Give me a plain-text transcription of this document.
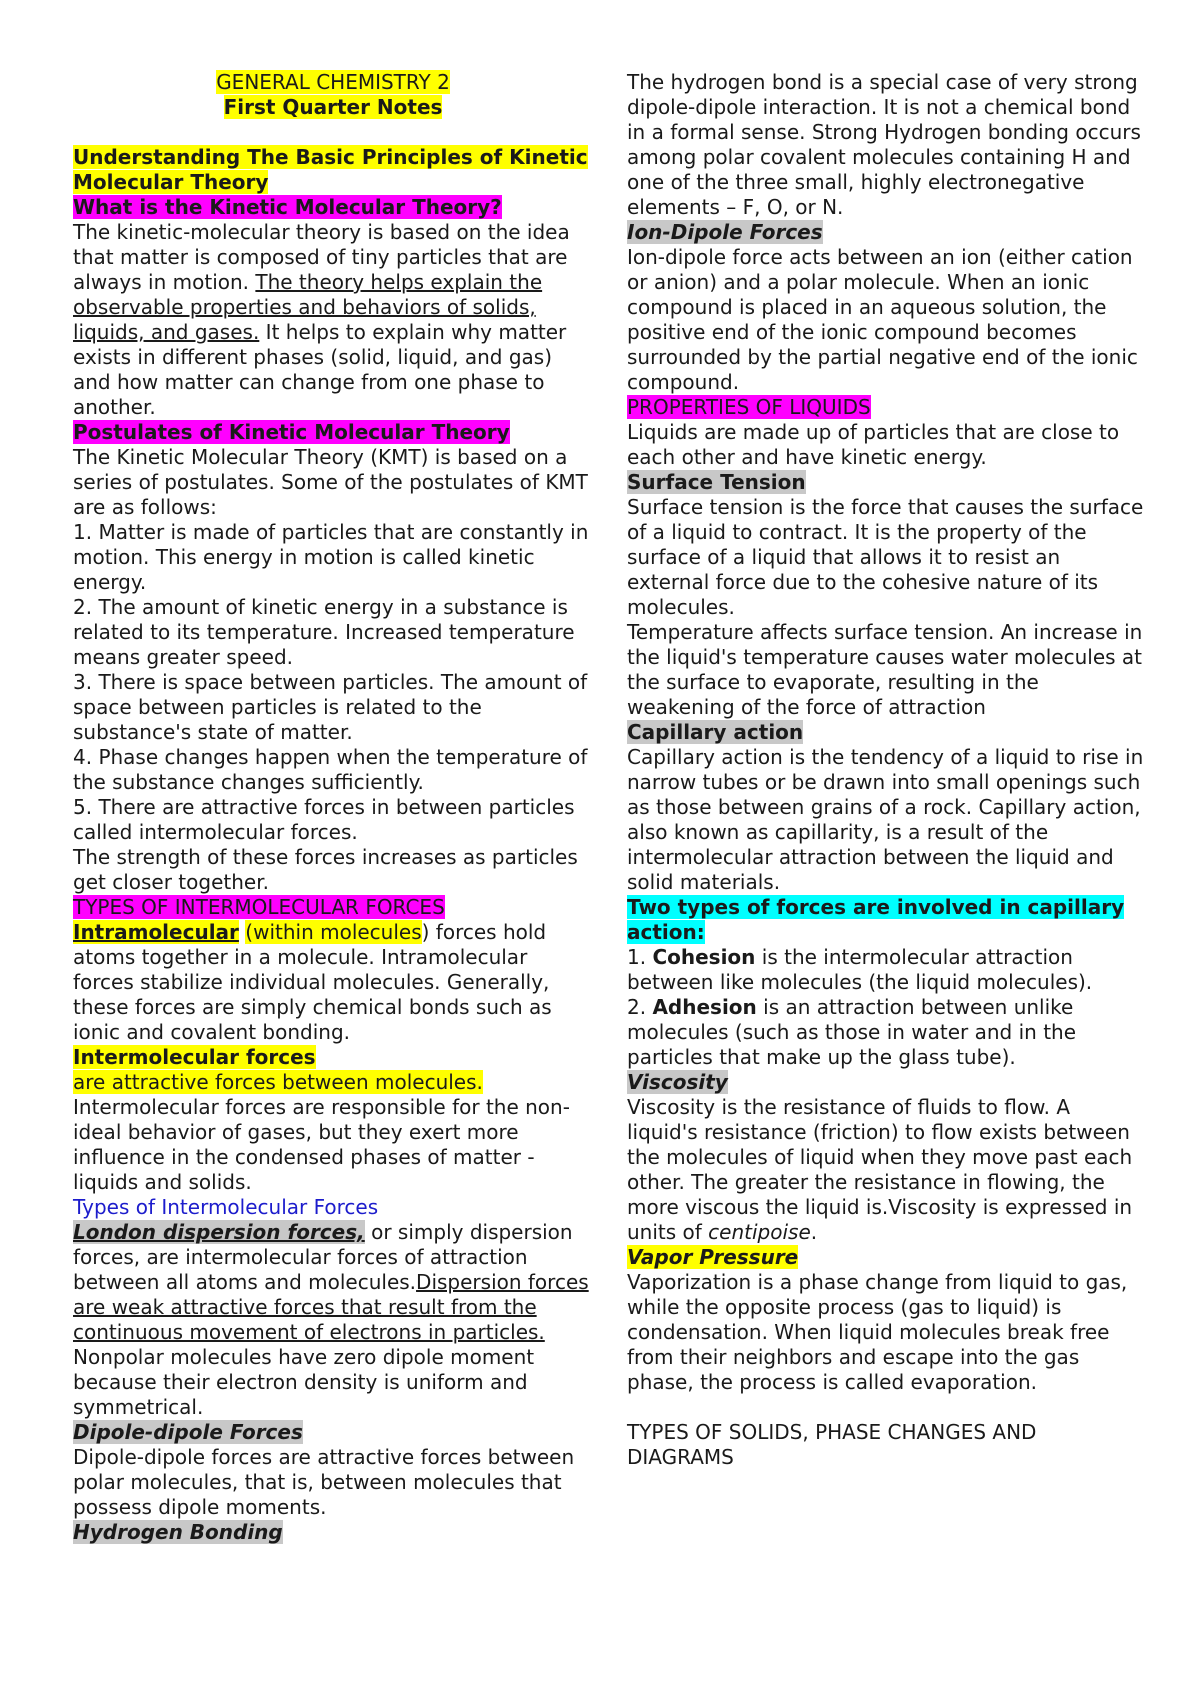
GENERAL CHEMISTRY 2
First Quarter Notes
Understanding The Basic Principles of Kinetic Molecular Theory
What is the Kinetic Molecular Theory?
The kinetic-molecular theory is based on the idea that matter is composed of tiny particles that are always in motion. The theory helps explain the observable properties and behaviors of solids, liquids, and gases. It helps to explain why matter exists in different phases (solid, liquid, and gas) and how matter can change from one phase to another.
Postulates of Kinetic Molecular Theory
The Kinetic Molecular Theory (KMT) is based on a series of postulates. Some of the postulates of KMT are as follows:
1. Matter is made of particles that are constantly in motion. This energy in motion is called kinetic energy.
2. The amount of kinetic energy in a substance is related to its temperature. Increased temperature means greater speed.
3. There is space between particles. The amount of space between particles is related to the substance's state of matter.
4. Phase changes happen when the temperature of the substance changes sufficiently.
5. There are attractive forces in between particles called intermolecular forces.
The strength of these forces increases as particles get closer together.
TYPES OF INTERMOLECULAR FORCES
Intramolecular (within molecules) forces hold atoms together in a molecule. Intramolecular forces stabilize individual molecules. Generally, these forces are simply chemical bonds such as ionic and covalent bonding.
Intermolecular forces
are attractive forces between molecules.
Intermolecular forces are responsible for the non-ideal behavior of gases, but they exert more influence in the condensed phases of matter - liquids and solids.
Types of Intermolecular Forces
London dispersion forces, or simply dispersion forces, are intermolecular forces of attraction between all atoms and molecules.Dispersion forces are weak attractive forces that result from the continuous movement of electrons in particles. Nonpolar molecules have zero dipole moment because their electron density is uniform and symmetrical.
Dipole-dipole Forces
Dipole-dipole forces are attractive forces between polar molecules, that is, between molecules that possess dipole moments.
Hydrogen Bonding
The hydrogen bond is a special case of very strong dipole-dipole interaction. It is not a chemical bond in a formal sense. Strong Hydrogen bonding occurs among polar covalent molecules containing H and one of the three small, highly electronegative elements – F, O, or N.
Ion-Dipole Forces
Ion-dipole force acts between an ion (either cation or anion) and a polar molecule. When an ionic compound is placed in an aqueous solution, the positive end of the ionic compound becomes surrounded by the partial negative end of the ionic compound.
PROPERTIES OF LIQUIDS
Liquids are made up of particles that are close to each other and have kinetic energy.
Surface Tension
Surface tension is the force that causes the surface of a liquid to contract. It is the property of the surface of a liquid that allows it to resist an external force due to the cohesive nature of its molecules.
Temperature affects surface tension. An increase in the liquid's temperature causes water molecules at the surface to evaporate, resulting in the weakening of the force of attraction
Capillary action
Capillary action is the tendency of a liquid to rise in narrow tubes or be drawn into small openings such as those between grains of a rock. Capillary action, also known as capillarity, is a result of the intermolecular attraction between the liquid and solid materials.
Two types of forces are involved in capillary action:
1. Cohesion is the intermolecular attraction between like molecules (the liquid molecules).
2. Adhesion is an attraction between unlike molecules (such as those in water and in the particles that make up the glass tube).
Viscosity
Viscosity is the resistance of fluids to flow. A liquid's resistance (friction) to flow exists between the molecules of liquid when they move past each other. The greater the resistance in flowing, the more viscous the liquid is.Viscosity is expressed in units of centipoise.
Vapor Pressure
Vaporization is a phase change from liquid to gas, while the opposite process (gas to liquid) is condensation. When liquid molecules break free from their neighbors and escape into the gas phase, the process is called evaporation.
TYPES OF SOLIDS, PHASE CHANGES AND DIAGRAMS
